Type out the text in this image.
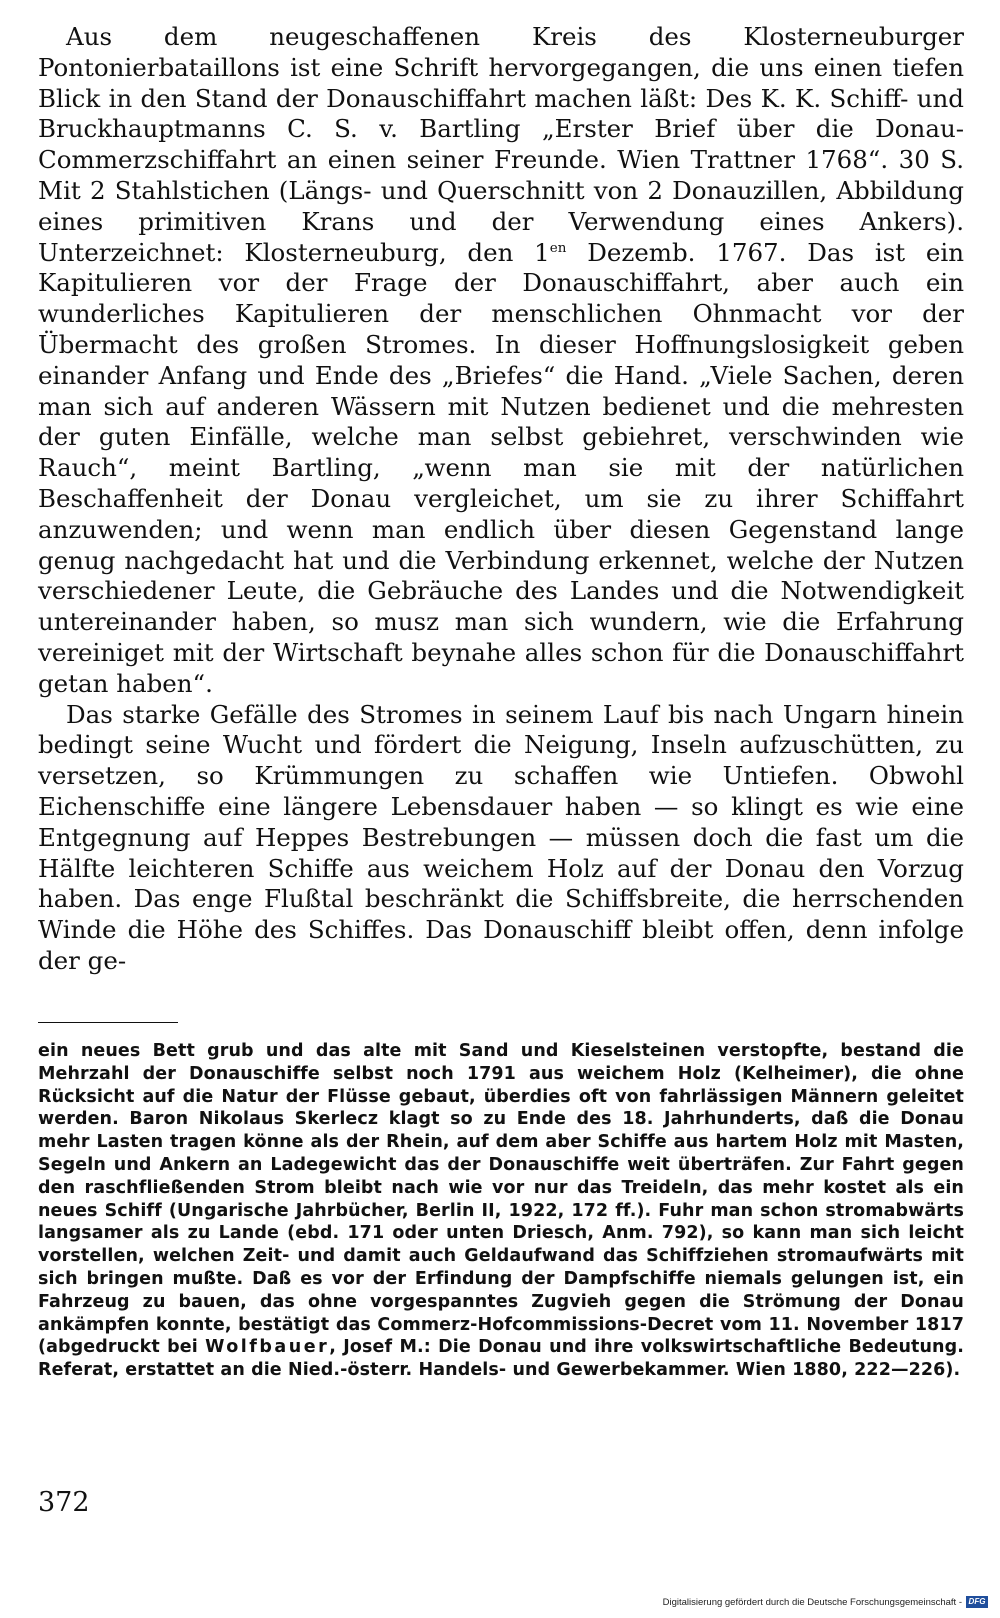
Aus dem neugeschaffenen Kreis des Klosterneuburger Pontonierbataillons ist eine Schrift hervorgegangen, die uns einen tiefen Blick in den Stand der Donauschiffahrt machen läßt: Des K. K. Schiff- und Bruckhauptmanns C. S. v. Bartling „Erster Brief über die Donau-Commerzschiffahrt an einen seiner Freunde. Wien Trattner 1768“. 30 S. Mit 2 Stahlstichen (Längs- und Querschnitt von 2 Donauzillen, Abbildung eines primitiven Krans und der Verwendung eines Ankers). Unterzeichnet: Klosterneuburg, den $1^{en}$ Dezemb. 1767. Das ist ein Kapitulieren vor der Frage der Donauschiffahrt, aber auch ein wunderliches Kapitulieren der menschlichen Ohnmacht vor der Übermacht des großen Stromes. In dieser Hoffnungslosigkeit geben einander Anfang und Ende des „Briefes“ die Hand. „Viele Sachen, deren man sich auf anderen Wässern mit Nutzen bedienet und die mehresten der guten Einfälle, welche man selbst gebiehret, verschwinden wie Rauch“, meint Bartling, „wenn man sie mit der natürlichen Beschaffenheit der Donau vergleichet, um sie zu ihrer Schiffahrt anzuwenden; und wenn man endlich über diesen Gegenstand lange genug nachgedacht hat und die Verbindung erkennet, welche der Nutzen verschiedener Leute, die Gebräuche des Landes und die Notwendigkeit untereinander haben, so musz man sich wundern, wie die Erfahrung vereiniget mit der Wirtschaft beynahe alles schon für die Donauschiffahrt getan haben“.

Das starke Gefälle des Stromes in seinem Lauf bis nach Ungarn hinein bedingt seine Wucht und fördert die Neigung, Inseln aufzuschütten, zu versetzen, so Krümmungen zu schaffen wie Untiefen. Obwohl Eichenschiffe eine längere Lebensdauer haben — so klingt es wie eine Entgegnung auf Heppes Bestrebungen — müssen doch die fast um die Hälfte leichteren Schiffe aus weichem Holz auf der Donau den Vorzug haben. Das enge Flußtal beschränkt die Schiffsbreite, die herrschenden Winde die Höhe des Schiffes. Das Donauschiff bleibt offen, denn infolge der ge-

ein neues Bett grub und das alte mit Sand und Kieselsteinen verstopfte, bestand die Mehrzahl der Donauschiffe selbst noch 1791 aus weichem Holz (Kelheimer), die ohne Rücksicht auf die Natur der Flüsse gebaut, überdies oft von fahrlässigen Männern geleitet werden. Baron Nikolaus Skerlecz klagt so zu Ende des 18. Jahrhunderts, daß die Donau mehr Lasten tragen könne als der Rhein, auf dem aber Schiffe aus hartem Holz mit Masten, Segeln und Ankern an Ladegewicht das der Donauschiffe weit überträfen. Zur Fahrt gegen den raschfließenden Strom bleibt nach wie vor nur das Treideln, das mehr kostet als ein neues Schiff (Ungarische Jahrbücher, Berlin II, 1922, 172 ff.). Fuhr man schon stromabwärts langsamer als zu Lande (ebd. 171 oder unten Driesch, Anm. 792), so kann man sich leicht vorstellen, welchen Zeit- und damit auch Geldaufwand das Schiffziehen stromaufwärts mit sich bringen mußte. Daß es vor der Erfindung der Dampfschiffe niemals gelungen ist, ein Fahrzeug zu bauen, das ohne vorgespanntes Zugvieh gegen die Strömung der Donau ankämpfen konnte, bestätigt das Commerz-Hofcommissions-Decret vom 11. November 1817 (abgedruckt bei Wolfbauer, Josef M.: Die Donau und ihre volkswirtschaftliche Bedeutung. Referat, erstattet an die Nied.-österr. Handels- und Gewerbekammer. Wien 1880, 222—226).

372
Digitalisierung gefördert durch die Deutsche Forschungsgemeinschaft - DFG
